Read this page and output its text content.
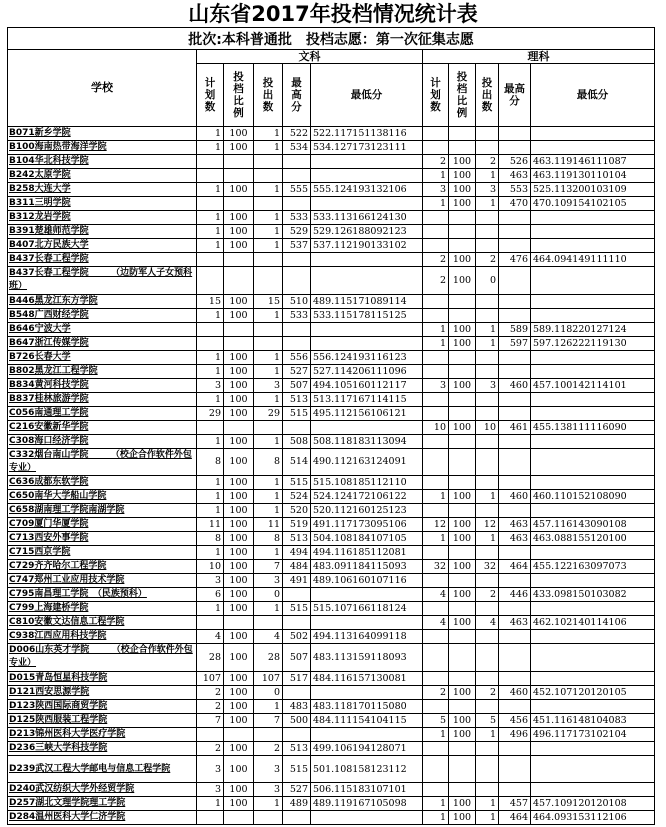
山东省2017年投档情况统计表
批次:本科普通批　投档志愿：第一次征集志愿										
学校	文科					理科				

	计划数	投档比例	投出数	最高分	最低分	计划数	投档比例	投出数	最高分	最低分
B071新乡学院	1	100	1	522	522.117151138116					
B100海南热带海洋学院	1	100	1	534	534.127173123111					
B104华北科技学院						2	100	2	526	463.119146111087
B242太原学院						1	100	1	463	463.119130110104
B258大连大学	1	100	1	555	555.124193132106	3	100	3	553	525.113200103109
B311三明学院						1	100	1	470	470.109154102105
B312龙岩学院	1	100	1	533	533.113166124130					
B391楚雄师范学院	1	100	1	529	529.126188092123					
B407北方民族大学	1	100	1	537	537.112190133102					
B437长春工程学院						2	100	2	476	464.094149111110
B437长春工程学院　　　（边防军人子女预科班）						2	100	0		
B446黑龙江东方学院	15	100	15	510	489.115171089114					
B548广西财经学院	1	100	1	533	533.115178115125					
B646宁波大学						1	100	1	589	589.118220127124
B647浙江传媒学院						1	100	1	597	597.126222119130
B726长春大学	1	100	1	556	556.124193116123					
B802黑龙江工程学院	1	100	1	527	527.114206111096					
B834黄河科技学院	3	100	3	507	494.105160112117	3	100	3	460	457.100142114101
B837桂林旅游学院	1	100	1	513	513.117167114115					
C056南通理工学院	29	100	29	515	495.112156106121					
C216安徽新华学院						10	100	10	461	455.138111116090
C308海口经济学院	1	100	1	508	508.118183113094					
C332烟台南山学院　　　（校企合作软件外包专业）	8	100	8	514	490.112163124091					
C636成都东软学院	1	100	1	515	515.108185112110					
C650南华大学船山学院	1	100	1	524	524.124172106122	1	100	1	460	460.110152108090
C658湖南理工学院南湖学院	1	100	1	520	520.112160125123					
C709厦门华厦学院	11	100	11	519	491.117173095106	12	100	12	463	457.116143090108
C713西安外事学院	8	100	8	513	504.108184107105	1	100	1	463	463.088155120100
C715西京学院	1	100	1	494	494.116185112081					
C729齐齐哈尔工程学院	10	100	7	484	483.091184115093	32	100	32	464	455.122163097073
C747郑州工业应用技术学院	3	100	3	491	489.106160107116					
C795南昌理工学院　（民族预科）	6	100	0			4	100	2	446	433.098150103082
C799上海建桥学院	1	100	1	515	515.107166118124					
C810安徽文达信息工程学院						4	100	4	463	462.102140114106
C938江西应用科技学院	4	100	4	502	494.113164099118					
D006山东英才学院　　　（校企合作软件外包专业）	28	100	28	507	483.113159118093					
D015青岛恒星科技学院	107	100	107	517	484.116157130081					
D121西安思源学院	2	100	0			2	100	2	460	452.107120120105
D123陕西国际商贸学院	2	100	1	483	483.118170115080					
D125陕西服装工程学院	7	100	7	500	484.111154104115	5	100	5	456	451.116148104083
D213锦州医科大学医疗学院						1	100	1	496	496.117173102104
D236三峡大学科技学院	2	100	2	513	499.106194128071					
D239武汉工程大学邮电与信息工程学院	3	100	3	515	501.108158123112					
D240武汉纺织大学外经贸学院	3	100	3	527	506.115183107101					
D257湖北文理学院理工学院	1	100	1	489	489.119167105098	1	100	1	457	457.109120120108
D284温州医科大学仁济学院						1	100	1	464	464.093153112106
